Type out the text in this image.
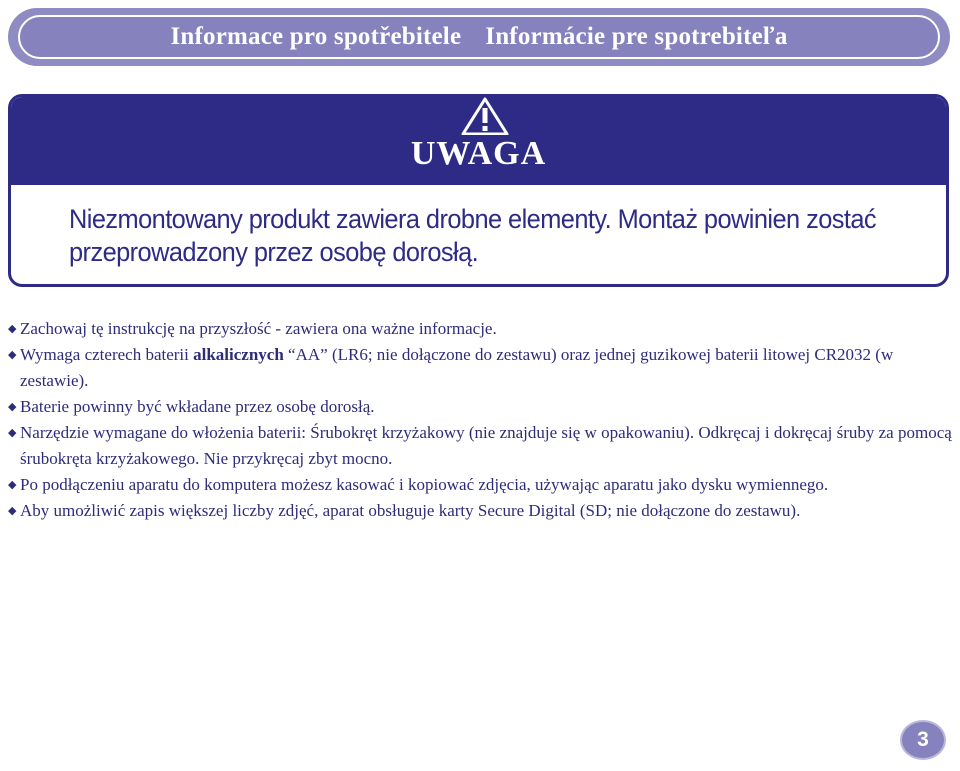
Informace pro spotřebitele Informácie pre spotrebiteľa
UWAGA
Niezmontowany produkt zawiera drobne elementy. Montaż powinien zostać przeprowadzony przez osobę dorosłą.
◆ Zachowaj tę instrukcję na przyszłość - zawiera ona ważne informacje.
◆ Wymaga czterech baterii alkalicznych “AA” (LR6; nie dołączone do zestawu) oraz jednej guzikowej baterii litowej CR2032 (w zestawie).
◆ Baterie powinny być wkładane przez osobę dorosłą.
◆ Narzędzie wymagane do włożenia baterii: Śrubokręt krzyżakowy (nie znajduje się w opakowaniu). Odkręcaj i dokręcaj śruby za pomocą śrubokręta krzyżakowego. Nie przykręcaj zbyt mocno.
◆ Po podłączeniu aparatu do komputera możesz kasować i kopiować zdjęcia, używając aparatu jako dysku wymiennego.
◆ Aby umożliwić zapis większej liczby zdjęć, aparat obsługuje karty Secure Digital (SD; nie dołączone do zestawu).
3
